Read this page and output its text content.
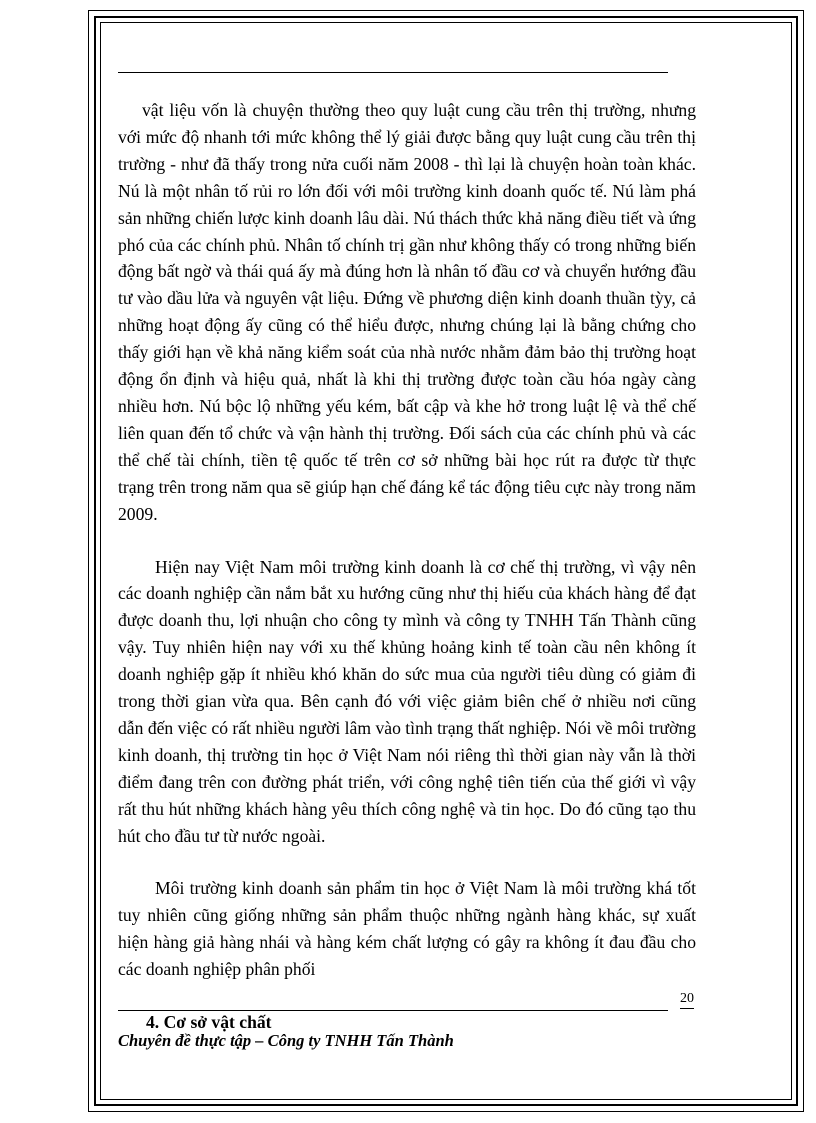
vật liệu vốn là chuyện thường theo quy luật cung cầu trên thị trường, nhưng với mức độ nhanh tới mức không thể lý giải được bằng quy luật cung cầu trên thị trường - như đã thấy trong nửa cuối năm 2008 - thì lại là chuyện hoàn toàn khác. Nú là một nhân tố rủi ro lớn đối với môi trường kinh doanh quốc tế. Nú làm phá sản những chiến lược kinh doanh lâu dài. Nú thách thức khả năng điều tiết và ứng phó của các chính phủ. Nhân tố chính trị gần như không thấy có trong những biến động bất ngờ và thái quá ấy mà đúng hơn là nhân tố đầu cơ và chuyển hướng đầu tư vào dầu lửa và nguyên vật liệu. Đứng về phương diện kinh doanh thuần tỳy, cả những hoạt động ấy cũng có thể hiểu được, nhưng chúng lại là bằng chứng cho thấy giới hạn về khả năng kiểm soát của nhà nước nhằm đảm bảo thị trường hoạt động ổn định và hiệu quả, nhất là khi thị trường được toàn cầu hóa ngày càng nhiều hơn. Nú bộc lộ những yếu kém, bất cập và khe hở trong luật lệ và thể chế liên quan đến tổ chức và vận hành thị trường. Đối sách của các chính phủ và các thể chế tài chính, tiền tệ quốc tế trên cơ sở những bài học rút ra được từ thực trạng trên trong năm qua sẽ giúp hạn chế đáng kể tác động tiêu cực này trong năm 2009.

Hiện nay Việt Nam môi trường kinh doanh là cơ chế thị trường, vì vậy nên các doanh nghiệp cần nắm bắt xu hướng cũng như thị hiếu của khách hàng để đạt được doanh thu, lợi nhuận cho công ty mình và công ty TNHH Tấn Thành cũng vậy. Tuy nhiên hiện nay với xu thế khủng hoảng kinh tế toàn cầu nên không ít doanh nghiệp gặp ít nhiều khó khăn do sức mua của người tiêu dùng có giảm đi trong thời gian vừa qua. Bên cạnh đó với việc giảm biên chế ở nhiều nơi cũng dẫn đến việc có rất nhiều người lâm vào tình trạng thất nghiệp. Nói về môi trường kinh doanh, thị trường tin học ở Việt Nam nói riêng thì thời gian này vẫn là thời điểm đang trên con đường phát triển, với công nghệ tiên tiến của thế giới vì vậy rất thu hút những khách hàng yêu thích công nghệ và tin học. Do đó cũng tạo thu hút cho đầu tư từ nước ngoài.

Môi trường kinh doanh sản phẩm tin học ở Việt Nam là môi trường khá tốt tuy nhiên cũng giống những sản phẩm thuộc những ngành hàng khác, sự xuất hiện hàng giả hàng nhái và hàng kém chất lượng có gây ra không ít đau đầu cho các doanh nghiệp phân phối

4. Cơ sở vật chất
20
Chuyên đề thực tập – Công ty TNHH Tấn Thành
